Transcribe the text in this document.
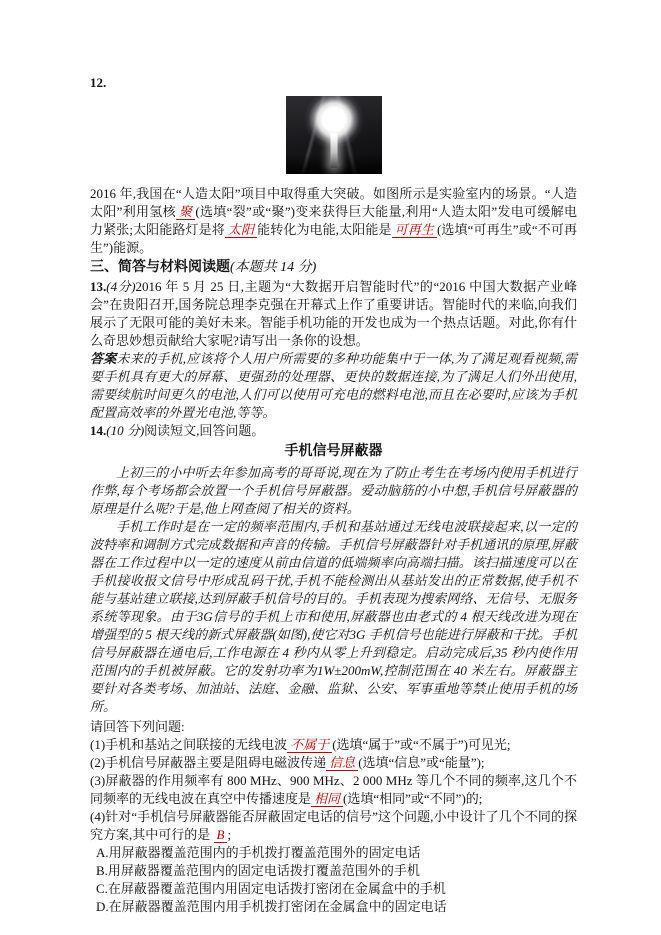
12.

2016 年,我国在“人造太阳”项目中取得重大突破。如图所示是实验室内的场景。“人造太阳”利用氢核 聚 (选填“裂”或“聚”)变来获得巨大能量,利用“人造太阳”发电可缓解电力紧张;太阳能路灯是将 太阳 能转化为电能,太阳能是 可再生 (选填“可再生”或“不可再生”)能源。

三、简答与材料阅读题(本题共 14 分)

13.(4分)2016 年 5 月 25 日,主题为“大数据开启智能时代”的“2016 中国大数据产业峰会”在贵阳召开,国务院总理李克强在开幕式上作了重要讲话。智能时代的来临,向我们展示了无限可能的美好未来。智能手机功能的开发也成为一个热点话题。对此,你有什么奇思妙想贡献给大家呢?请写出一条你的设想。

答案未来的手机,应该将个人用户所需要的多种功能集中于一体,为了满足观看视频,需要手机具有更大的屏幕、更强劲的处理器、更快的数据连接,为了满足人们外出使用,需要续航时间更久的电池,人们可以使用可充电的燃料电池,而且在必要时,应该为手机配置高效率的外置光电池,等等。

14.(10 分)阅读短文,回答问题。

手机信号屏蔽器

上初三的小中听去年参加高考的哥哥说,现在为了防止考生在考场内使用手机进行作弊,每个考场都会放置一个手机信号屏蔽器。爱动脑筋的小中想,手机信号屏蔽器的原理是什么呢?于是,他上网查阅了相关的资料。

手机工作时是在一定的频率范围内,手机和基站通过无线电波联接起来,以一定的波特率和调制方式完成数据和声音的传输。手机信号屏蔽器针对手机通讯的原理,屏蔽器在工作过程中以一定的速度从前由信道的低端频率向高端扫描。该扫描速度可以在手机接收报文信号中形成乱码干扰,手机不能检测出从基站发出的正常数据,使手机不能与基站建立联接,达到屏蔽手机信号的目的。手机表现为搜索网络、无信号、无服务系统等现象。由于3G信号的手机上市和使用,屏蔽器也由老式的 4 根天线改进为现在增强型的 5 根天线的新式屏蔽器(如图),使它对3G 手机信号也能进行屏蔽和干扰。手机信号屏蔽器在通电后,工作电源在 4 秒内从零上升到稳定。启动完成后,35 秒内使作用范围内的手机被屏蔽。它的发射功率为1W±200mW,控制范围在 40 米左右。屏蔽器主要针对各类考场、加油站、法庭、金融、监狱、公安、军事重地等禁止使用手机的场所。

请回答下列问题:

(1)手机和基站之间联接的无线电波 不属于 (选填“属于”或“不属于”)可见光;

(2)手机信号屏蔽器主要是阻碍电磁波传递 信息 (选填“信息”或“能量”);

(3)屏蔽器的作用频率有 800 MHz、900 MHz、2 000 MHz 等几个不同的频率,这几个不同频率的无线电波在真空中传播速度是 相同 (选填“相同”或“不同”)的;

(4)针对“手机信号屏蔽器能否屏蔽固定电话的信号”这个问题,小中设计了几个不同的探究方案,其中可行的是 B ;

A.用屏蔽器覆盖范围内的手机拨打覆盖范围外的固定电话

B.用屏蔽器覆盖范围内的固定电话拨打覆盖范围外的手机

C.在屏蔽器覆盖范围内用固定电话拨打密闭在金属盒中的手机

D.在屏蔽器覆盖范围内用手机拨打密闭在金属盒中的固定电话
